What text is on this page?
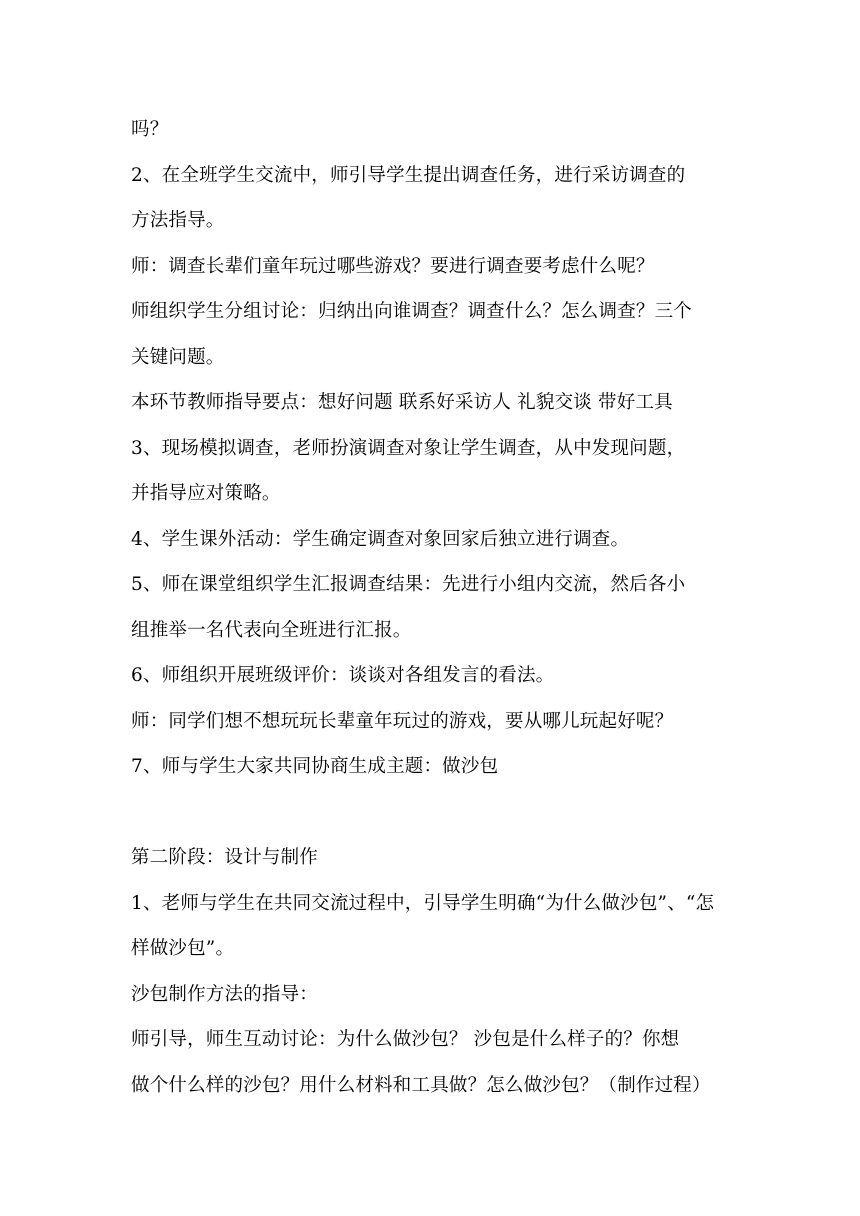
吗？
2、在全班学生交流中，师引导学生提出调查任务，进行采访调查的
方法指导。
师：调查长辈们童年玩过哪些游戏？要进行调查要考虑什么呢？
师组织学生分组讨论：归纳出向谁调查？调查什么？怎么调查？三个
关键问题。
本环节教师指导要点：想好问题 联系好采访人 礼貌交谈 带好工具
3、现场模拟调查，老师扮演调查对象让学生调查，从中发现问题，
并指导应对策略。
4、学生课外活动：学生确定调查对象回家后独立进行调查。
5、师在课堂组织学生汇报调查结果：先进行小组内交流，然后各小
组推举一名代表向全班进行汇报。
6、师组织开展班级评价：谈谈对各组发言的看法。
师：同学们想不想玩玩长辈童年玩过的游戏，要从哪儿玩起好呢？
7、师与学生大家共同协商生成主题：做沙包
第二阶段：设计与制作
1、老师与学生在共同交流过程中，引导学生明确“为什么做沙包”、“怎
样做沙包”。
沙包制作方法的指导：
师引导，师生互动讨论：为什么做沙包？ 沙包是什么样子的？你想
做个什么样的沙包？用什么材料和工具做？怎么做沙包？（制作过程）
